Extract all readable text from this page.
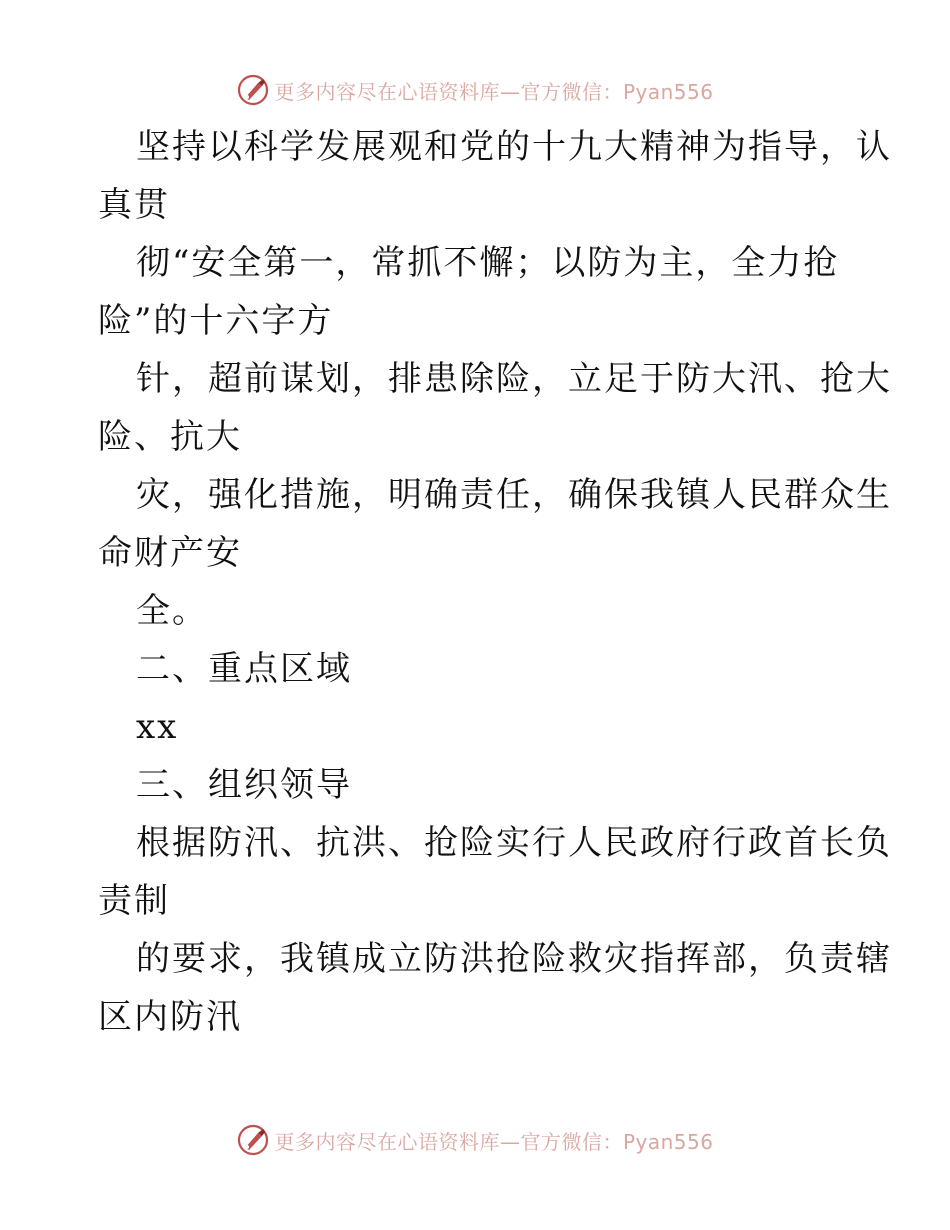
更多内容尽在心语资料库—官方微信：Pyan556
坚持以科学发展观和党的十九大精神为指导，认
真贯
彻“安全第一，常抓不懈；以防为主，全力抢
险”的十六字方
针，超前谋划，排患除险，立足于防大汛、抢大
险、抗大
灾，强化措施，明确责任，确保我镇人民群众生
命财产安
全。
二、重点区域
xx
三、组织领导
根据防汛、抗洪、抢险实行人民政府行政首长负
责制
的要求，我镇成立防洪抢险救灾指挥部，负责辖
区内防汛
更多内容尽在心语资料库—官方微信：Pyan556
